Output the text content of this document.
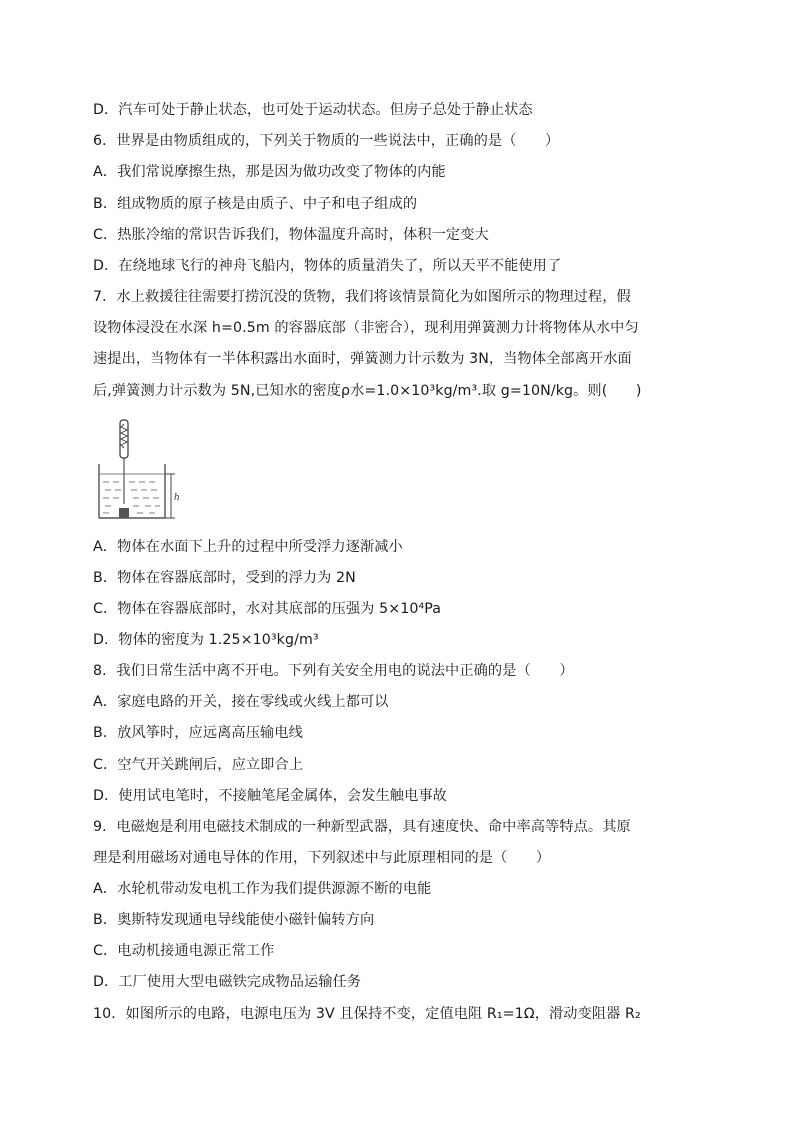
D．汽车可处于静止状态，也可处于运动状态。但房子总处于静止状态
6．世界是由物质组成的，下列关于物质的一些说法中，正确的是（　　）
A．我们常说摩擦生热，那是因为做功改变了物体的内能
B．组成物质的原子核是由质子、中子和电子组成的
C．热胀冷缩的常识告诉我们，物体温度升高时，体积一定变大
D．在绕地球飞行的神舟飞船内，物体的质量消失了，所以天平不能使用了
7．水上救援往往需要打捞沉没的货物，我们将该情景简化为如图所示的物理过程，假
设物体浸没在水深 h=0.5m 的容器底部（非密合），现利用弹簧测力计将物体从水中匀
速提出，当物体有一半体积露出水面时，弹簧测力计示数为 3N，当物体全部离开水面
后,弹簧测力计示数为 5N,已知水的密度ρ水=1.0×10³kg/m³.取 g=10N/kg。则(　　)
h
A．物体在水面下上升的过程中所受浮力逐渐减小
B．物体在容器底部时，受到的浮力为 2N
C．物体在容器底部时，水对其底部的压强为 5×10⁴Pa
D．物体的密度为 1.25×10³kg/m³
8．我们日常生活中离不开电。下列有关安全用电的说法中正确的是（　　）
A．家庭电路的开关，接在零线或火线上都可以
B．放风筝时，应远离高压输电线
C．空气开关跳闸后，应立即合上
D．使用试电笔时，不接触笔尾金属体，会发生触电事故
9．电磁炮是利用电磁技术制成的一种新型武器，具有速度快、命中率高等特点。其原
理是利用磁场对通电导体的作用，下列叙述中与此原理相同的是（　　）
A．水轮机带动发电机工作为我们提供源源不断的电能
B．奥斯特发现通电导线能使小磁针偏转方向
C．电动机接通电源正常工作
D．工厂使用大型电磁铁完成物品运输任务
10．如图所示的电路，电源电压为 3V 且保持不变，定值电阻 R₁=1Ω，滑动变阻器 R₂
